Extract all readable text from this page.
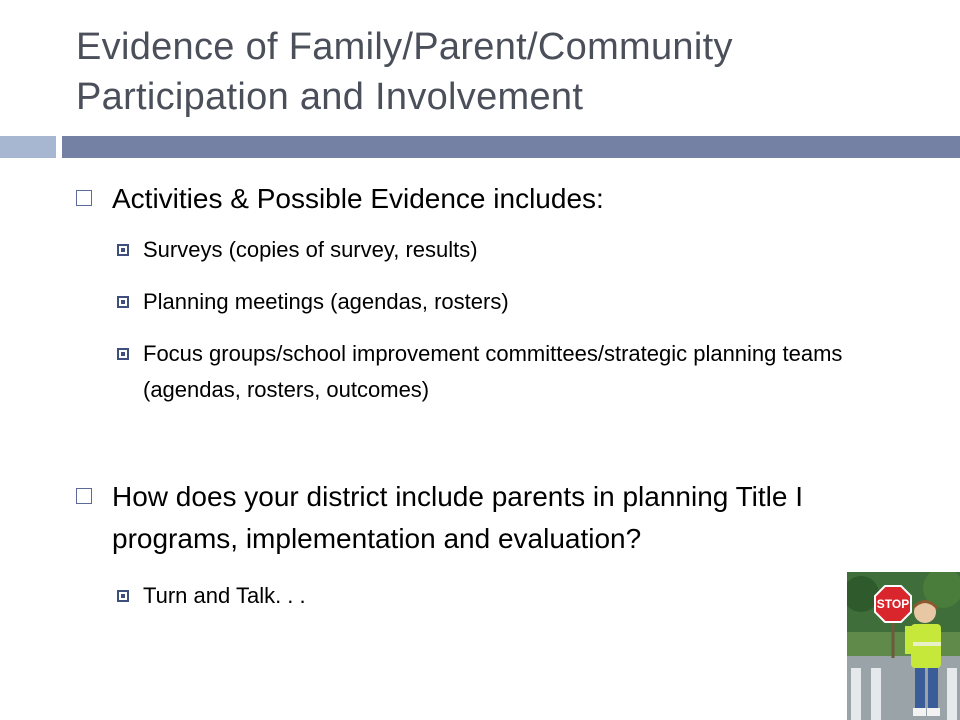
Evidence of Family/Parent/Community Participation and Involvement
Activities & Possible Evidence includes:
Surveys (copies of survey, results)
Planning meetings (agendas, rosters)
Focus groups/school improvement committees/strategic planning teams (agendas, rosters, outcomes)
How does your district include parents in planning Title I programs, implementation and evaluation?
Turn and Talk. . .	STOP
